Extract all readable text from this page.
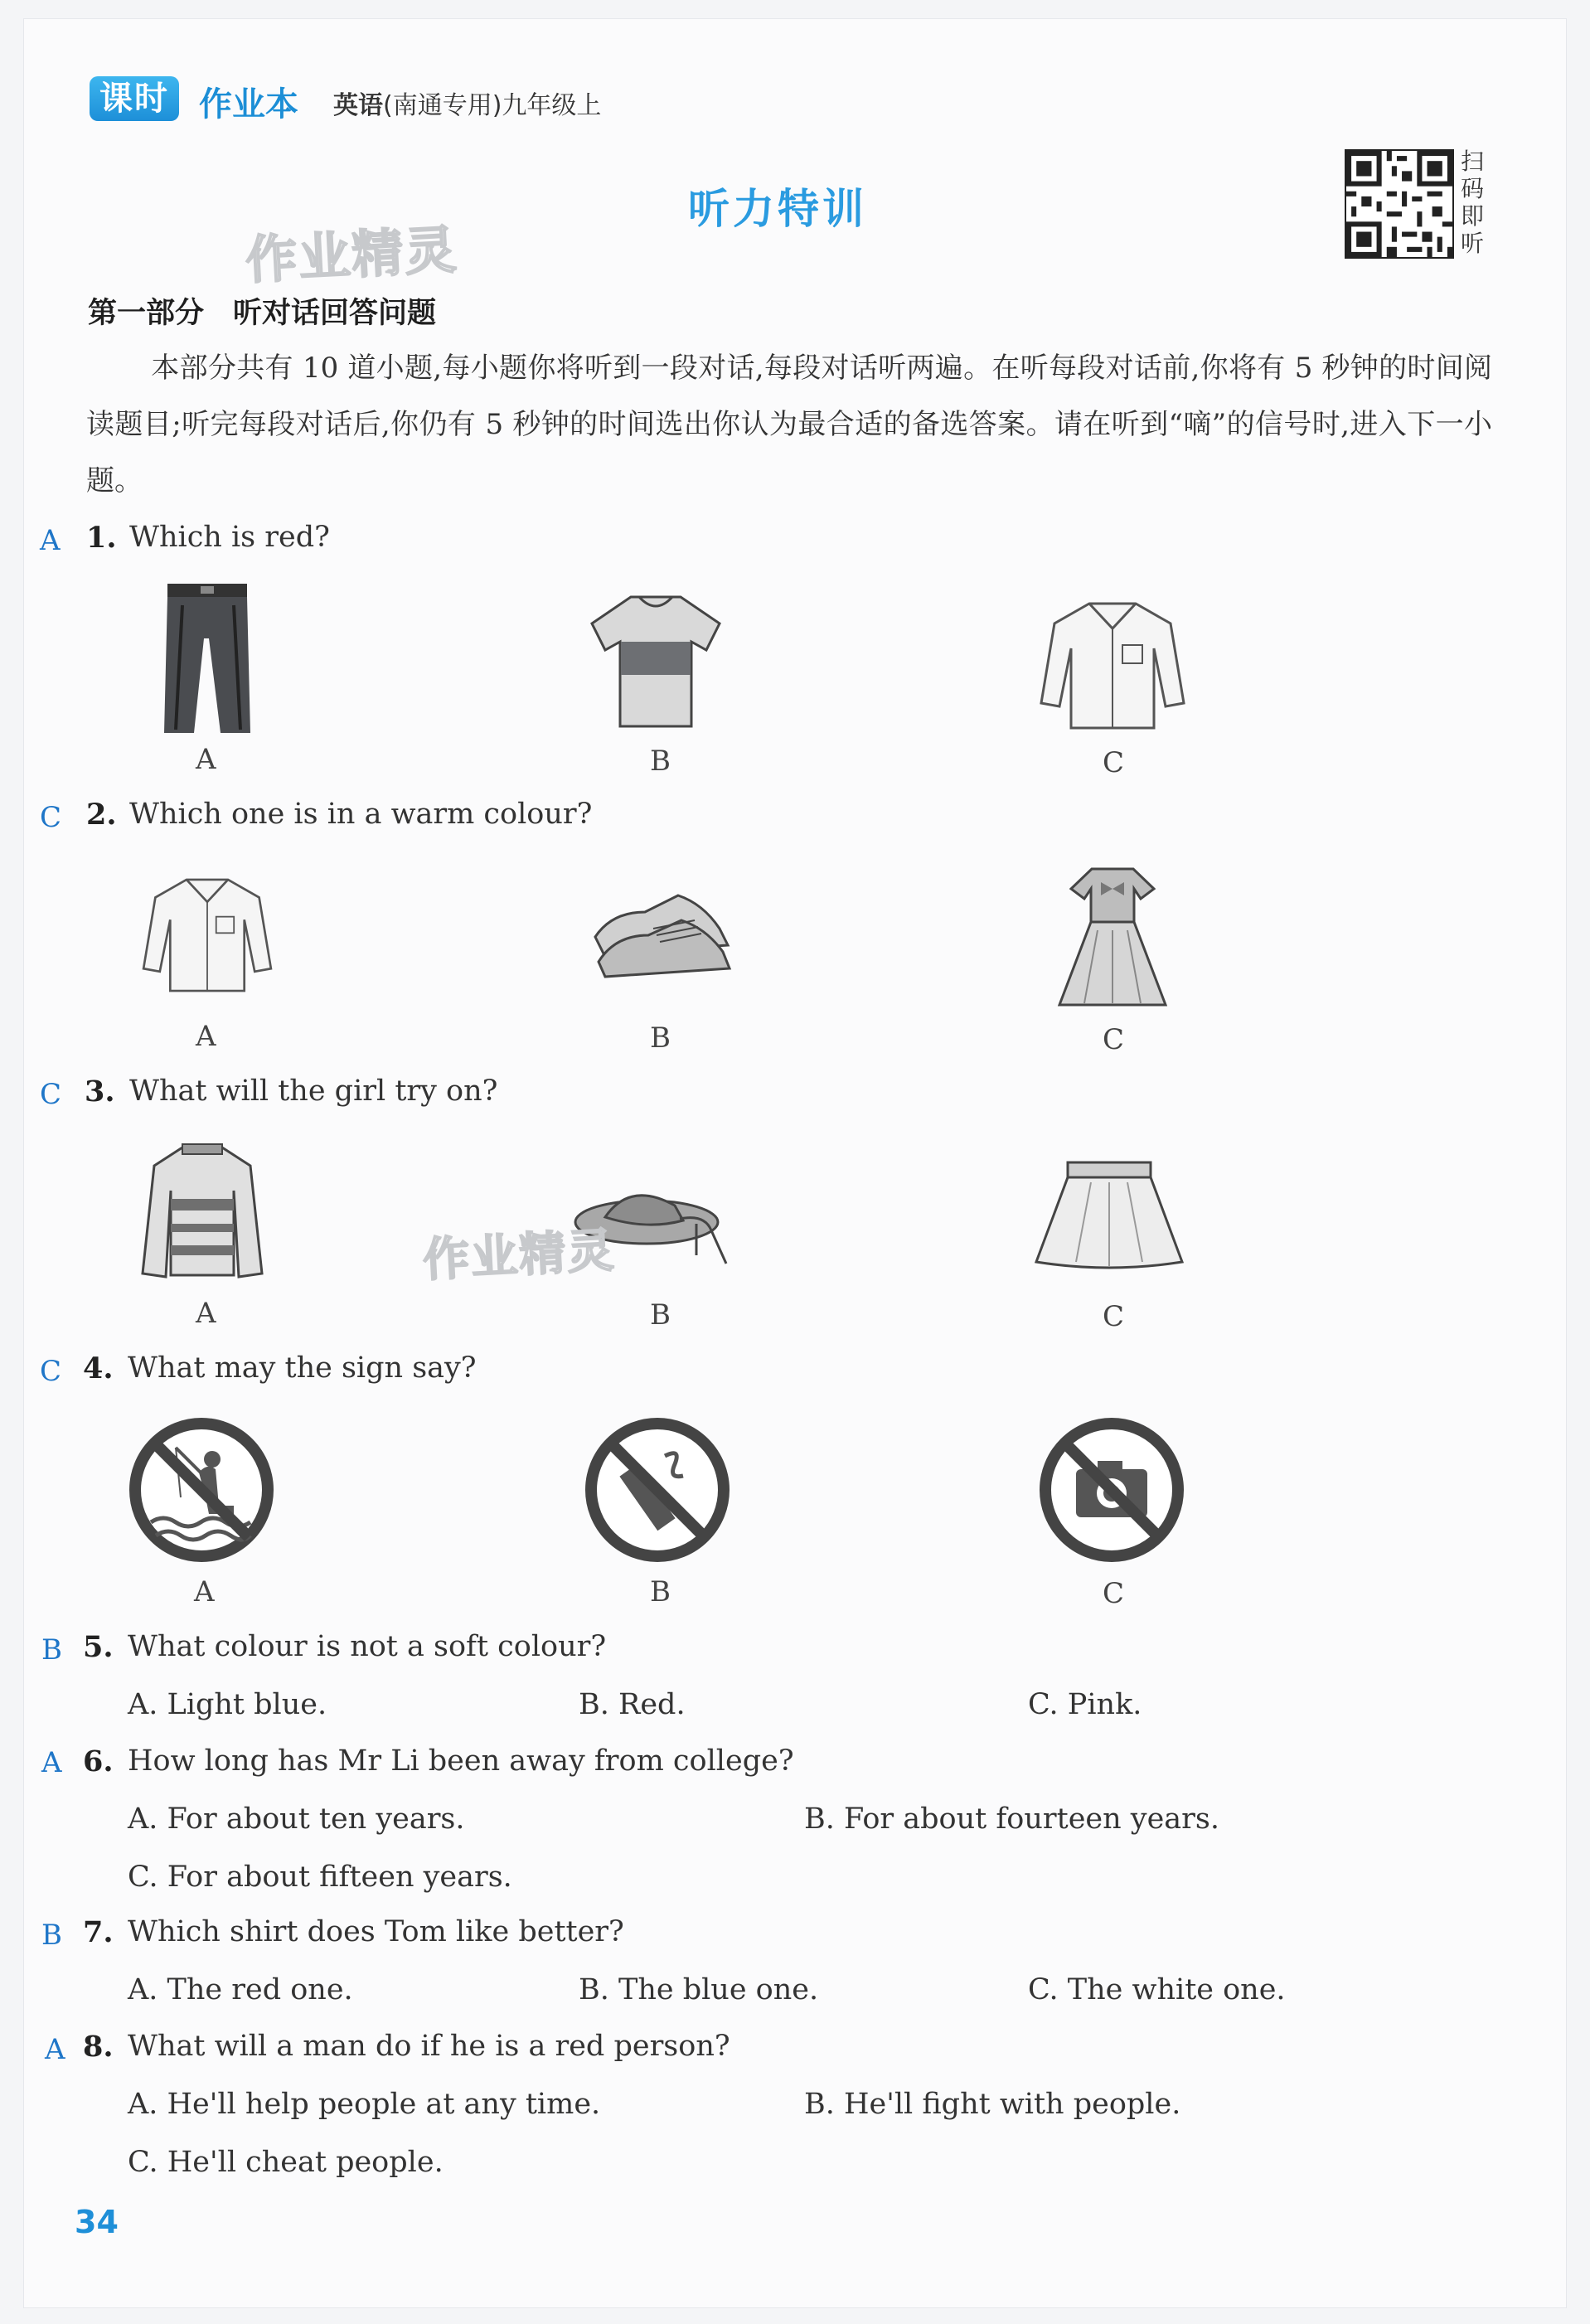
课时 作业本 英语(南通专用)九年级上
作业精灵
听力特训
扫码即听
第一部分　听对话回答问题
本部分共有 10 道小题,每小题你将听到一段对话,每段对话听两遍。在听每段对话前,你将有 5 秒钟的时间阅读题目;听完每段对话后,你仍有 5 秒钟的时间选出你认为最合适的备选答案。请在听到“嘀”的信号时,进入下一小题。
A 1. Which is red?
A	B	C
C 2. Which one is in a warm colour?
A	B	C
C 3. What will the girl try on?
作业精灵
A	B	C
C 4. What may the sign say?
A	B	C
B 5. What colour is not a soft colour?
A. Light blue.	B. Red.	C. Pink.
A 6. How long has Mr Li been away from college?
A. For about ten years.	B. For about fourteen years.
C. For about fifteen years.
B 7. Which shirt does Tom like better?
A. The red one.	B. The blue one.	C. The white one.
A 8. What will a man do if he is a red person?
A. He'll help people at any time.	B. He'll fight with people.
C. He'll cheat people.
34
